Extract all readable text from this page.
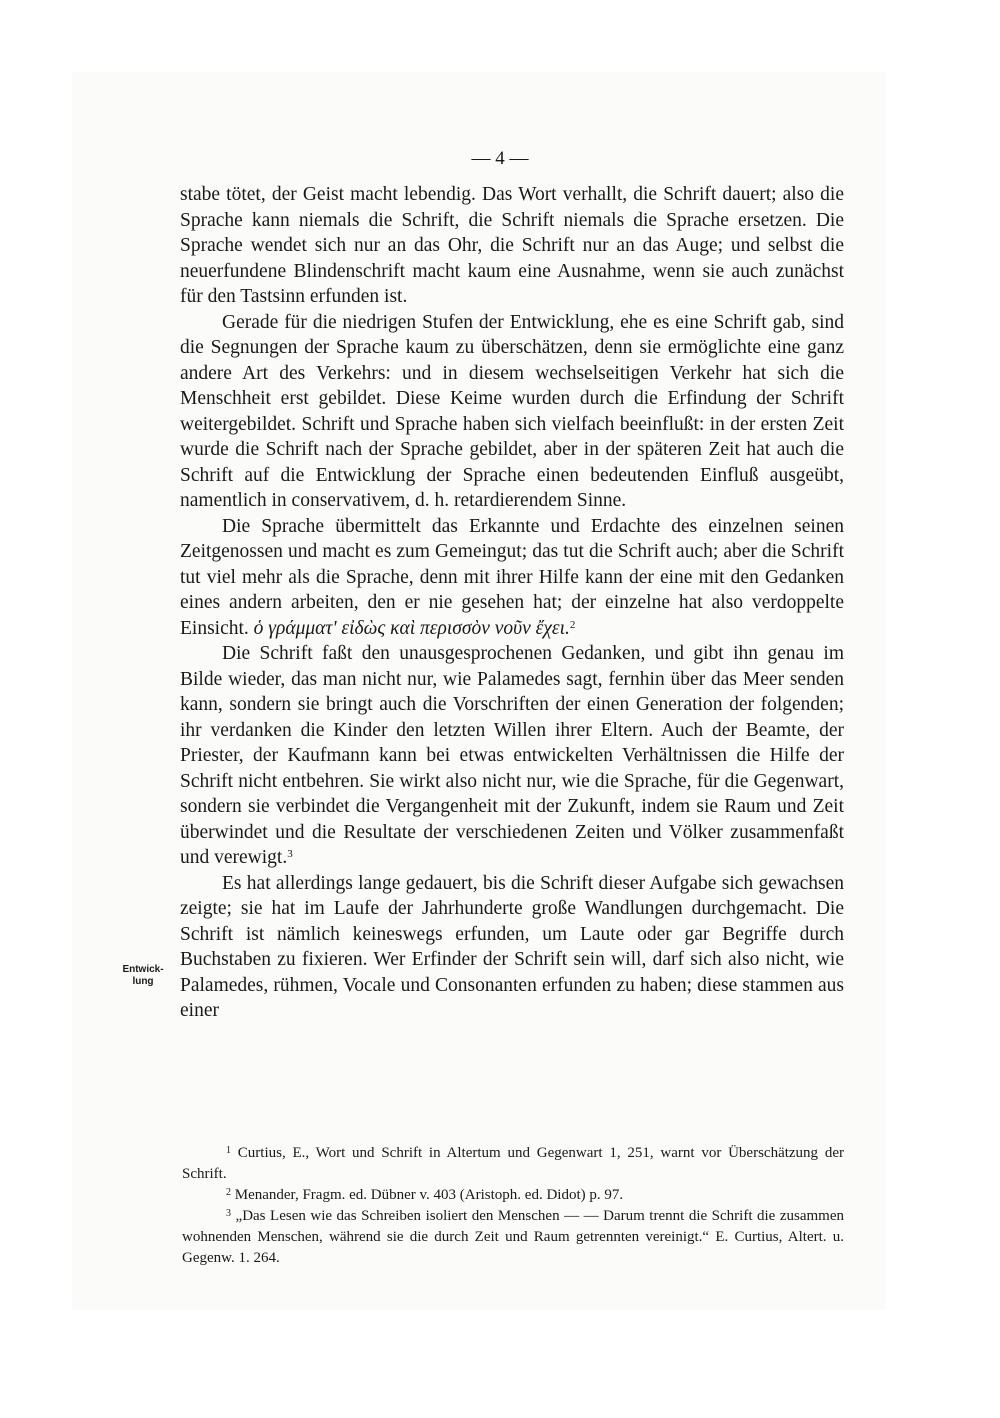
— 4 —
Entwick-
lung

stabe tötet, der Geist macht lebendig. Das Wort verhallt, die Schrift dauert; also die Sprache kann niemals die Schrift, die Schrift niemals die Sprache ersetzen. Die Sprache wendet sich nur an das Ohr, die Schrift nur an das Auge; und selbst die neuerfundene Blindenschrift macht kaum eine Ausnahme, wenn sie auch zunächst für den Tastsinn erfunden ist.

Gerade für die niedrigen Stufen der Entwicklung, ehe es eine Schrift gab, sind die Segnungen der Sprache kaum zu überschätzen, denn sie ermöglichte eine ganz andere Art des Verkehrs: und in diesem wechselseitigen Verkehr hat sich die Menschheit erst gebildet. Diese Keime wurden durch die Erfindung der Schrift weitergebildet. Schrift und Sprache haben sich vielfach beeinflußt: in der ersten Zeit wurde die Schrift nach der Sprache gebildet, aber in der späteren Zeit hat auch die Schrift auf die Entwicklung der Sprache einen bedeutenden Einfluß ausgeübt, namentlich in conservativem, d. h. retardierendem Sinne.

Die Sprache übermittelt das Erkannte und Erdachte des einzelnen seinen Zeitgenossen und macht es zum Gemeingut; das tut die Schrift auch; aber die Schrift tut viel mehr als die Sprache, denn mit ihrer Hilfe kann der eine mit den Gedanken eines andern arbeiten, den er nie gesehen hat; der einzelne hat also verdoppelte Einsicht. ὁ γράμματ' εἰδὼς καὶ περισσὸν νοῦν ἔχει.$^2$

Die Schrift faßt den unausgesprochenen Gedanken, und gibt ihn genau im Bilde wieder, das man nicht nur, wie Palamedes sagt, fernhin über das Meer senden kann, sondern sie bringt auch die Vorschriften der einen Generation der folgenden; ihr verdanken die Kinder den letzten Willen ihrer Eltern. Auch der Beamte, der Priester, der Kaufmann kann bei etwas entwickelten Verhältnissen die Hilfe der Schrift nicht entbehren. Sie wirkt also nicht nur, wie die Sprache, für die Gegenwart, sondern sie verbindet die Vergangenheit mit der Zukunft, indem sie Raum und Zeit überwindet und die Resultate der verschiedenen Zeiten und Völker zusammenfaßt und verewigt.$^3$

Es hat allerdings lange gedauert, bis die Schrift dieser Aufgabe sich gewachsen zeigte; sie hat im Laufe der Jahrhunderte große Wandlungen durchgemacht. Die Schrift ist nämlich keineswegs erfunden, um Laute oder gar Begriffe durch Buchstaben zu fixieren. Wer Erfinder der Schrift sein will, darf sich also nicht, wie Palamedes, rühmen, Vocale und Consonanten erfunden zu haben; diese stammen aus einer

$^1$ Curtius, E., Wort und Schrift in Altertum und Gegenwart 1, 251, warnt vor Überschätzung der Schrift.

$^2$ Menander, Fragm. ed. Dübner v. 403 (Aristoph. ed. Didot) p. 97.

$^3$ „Das Lesen wie das Schreiben isoliert den Menschen — — Darum trennt die Schrift die zusammen wohnenden Menschen, während sie die durch Zeit und Raum getrennten vereinigt.“ E. Curtius, Altert. u. Gegenw. 1. 264.
